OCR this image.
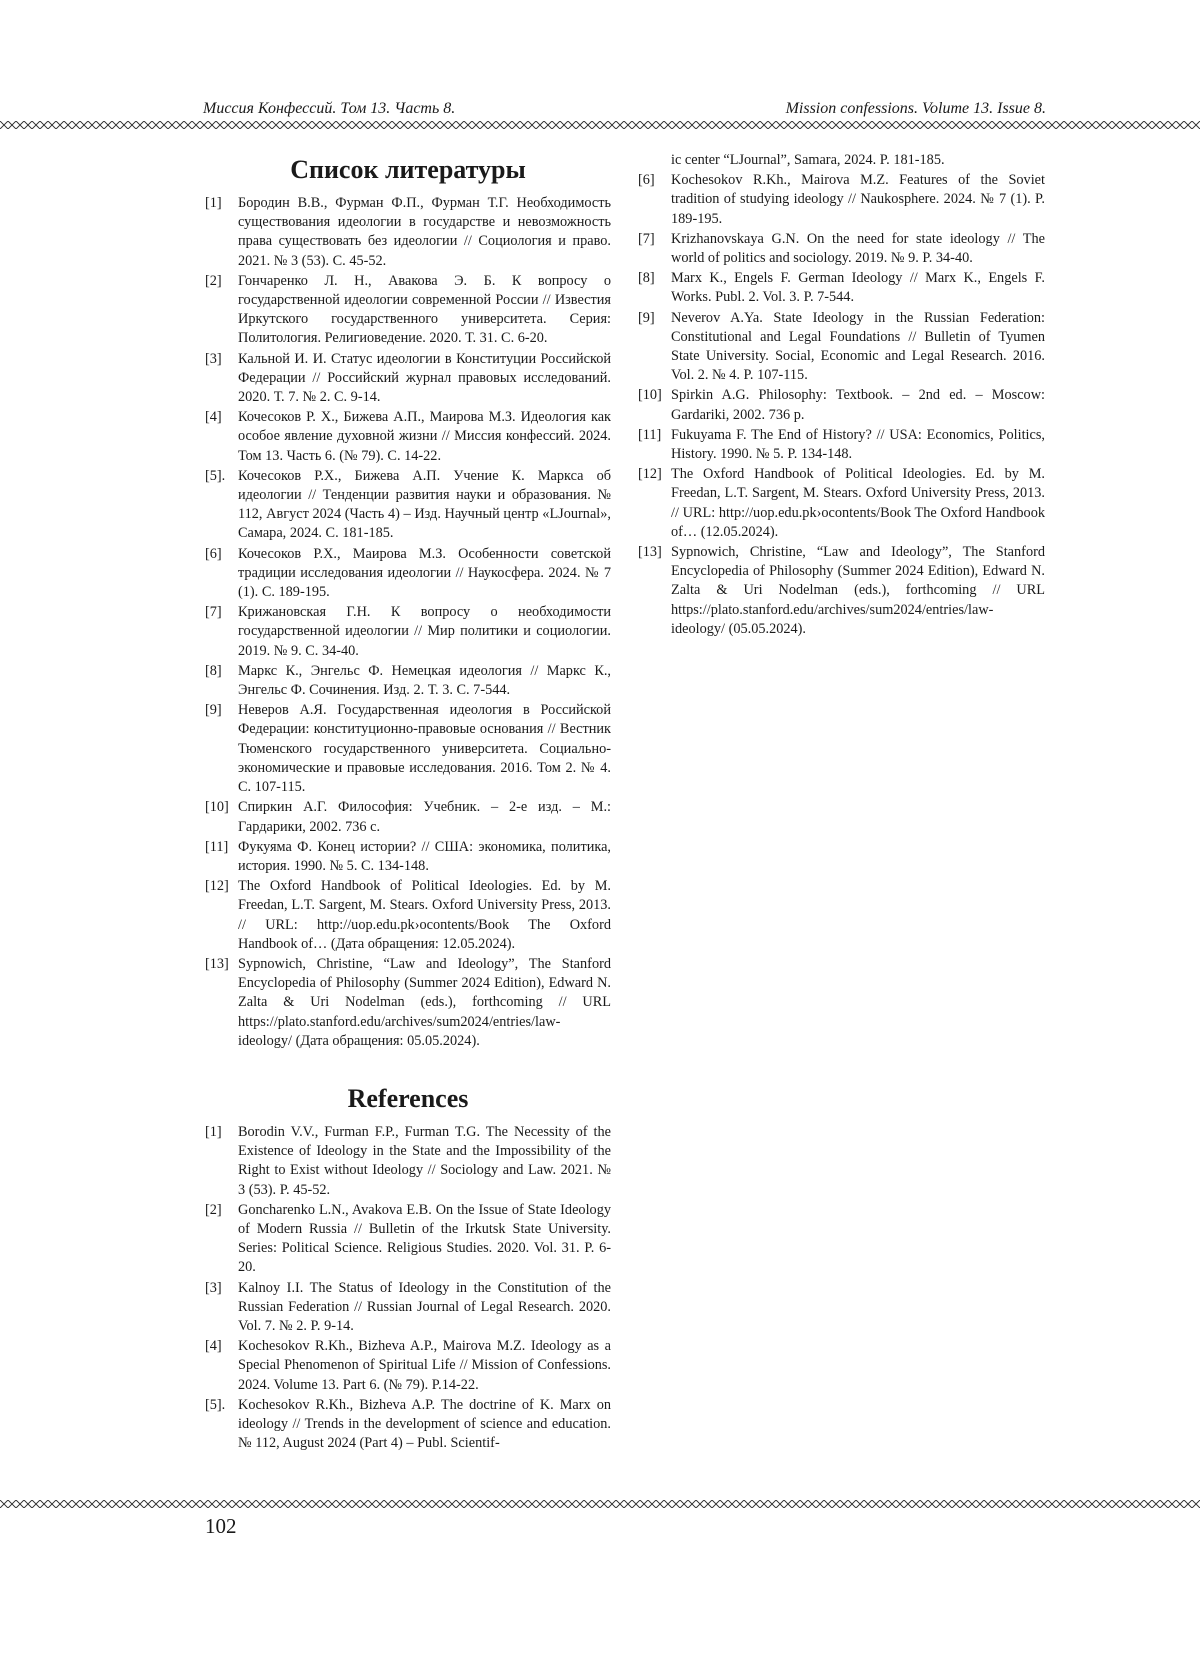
Миссия Конфессий. Том 13. Часть 8.	Mission confessions. Volume 13. Issue 8.
Список литературы
[1] Бородин В.В., Фурман Ф.П., Фурман Т.Г. Необходимость существования идеологии в государстве и невозможность права существовать без идеологии // Социология и право. 2021. № 3 (53). С. 45-52.
[2] Гончаренко Л. Н., Авакова Э. Б. К вопросу о государственной идеологии современной России // Известия Иркутского государственного университета. Серия: Политология. Религиоведение. 2020. Т. 31. С. 6-20.
[3] Кальной И. И. Статус идеологии в Конституции Российской Федерации // Российский журнал правовых исследований. 2020. Т. 7. № 2. С. 9-14.
[4] Кочесоков Р. Х., Бижева А.П., Маирова М.З. Идеология как особое явление духовной жизни // Миссия конфессий. 2024. Том 13. Часть 6. (№ 79). С. 14-22.
[5]. Кочесоков Р.Х., Бижева А.П. Учение К. Маркса об идеологии // Тенденции развития науки и образования. № 112, Август 2024 (Часть 4) – Изд. Научный центр «LJournal», Самара, 2024. С. 181-185.
[6] Кочесоков Р.Х., Маирова М.З. Особенности советской традиции исследования идеологии // Наукосфера. 2024. № 7 (1). С. 189-195.
[7] Крижановская Г.Н. К вопросу о необходимости государственной идеологии // Мир политики и социологии. 2019. № 9. С. 34-40.
[8] Маркс К., Энгельс Ф. Немецкая идеология // Маркс К., Энгельс Ф. Сочинения. Изд. 2. Т. 3. С. 7-544.
[9] Неверов А.Я. Государственная идеология в Российской Федерации: конституционно-правовые основания // Вестник Тюменского государственного университета. Социально-экономические и правовые исследования. 2016. Том 2. № 4. С. 107-115.
[10] Спиркин А.Г. Философия: Учебник. – 2-е изд. – М.: Гардарики, 2002. 736 с.
[11] Фукуяма Ф. Конец истории? // США: экономика, политика, история. 1990. № 5. С. 134-148.
[12] The Oxford Handbook of Political Ideologies. Ed. by M. Freedan, L.T. Sargent, M. Stears. Oxford University Press, 2013. // URL: http://uop.edu.pk›ocontents/Book The Oxford Handbook of… (Дата обращения: 12.05.2024).
[13] Sypnowich, Christine, “Law and Ideology”, The Stanford Encyclopedia of Philosophy (Summer 2024 Edition), Edward N. Zalta & Uri Nodelman (eds.), forthcoming // URL https://plato.stanford.edu/archives/sum2024/entries/law-ideology/ (Дата обращения: 05.05.2024).
References
[1] Borodin V.V., Furman F.P., Furman T.G. The Necessity of the Existence of Ideology in the State and the Impossibility of the Right to Exist without Ideology // Sociology and Law. 2021. № 3 (53). P. 45-52.
[2] Goncharenko L.N., Avakova E.B. On the Issue of State Ideology of Modern Russia // Bulletin of the Irkutsk State University. Series: Political Science. Religious Studies. 2020. Vol. 31. P. 6-20.
[3] Kalnoy I.I. The Status of Ideology in the Constitution of the Russian Federation // Russian Journal of Legal Research. 2020. Vol. 7. № 2. P. 9-14.
[4] Kochesokov R.Kh., Bizheva A.P., Mairova M.Z. Ideology as a Special Phenomenon of Spiritual Life // Mission of Confessions. 2024. Volume 13. Part 6. (№ 79). P.14-22.
[5]. Kochesokov R.Kh., Bizheva A.P. The doctrine of K. Marx on ideology // Trends in the development of science and education. № 112, August 2024 (Part 4) – Publ. Scientif-
ic center “LJournal”, Samara, 2024. P. 181-185.
[6] Kochesokov R.Kh., Mairova M.Z. Features of the Soviet tradition of studying ideology // Naukosphere. 2024. № 7 (1). P. 189-195.
[7] Krizhanovskaya G.N. On the need for state ideology // The world of politics and sociology. 2019. № 9. P. 34-40.
[8] Marx K., Engels F. German Ideology // Marx K., Engels F. Works. Publ. 2. Vol. 3. P. 7-544.
[9] Neverov A.Ya. State Ideology in the Russian Federation: Constitutional and Legal Foundations // Bulletin of Tyumen State University. Social, Economic and Legal Research. 2016. Vol. 2. № 4. P. 107-115.
[10] Spirkin A.G. Philosophy: Textbook. – 2nd ed. – Moscow: Gardariki, 2002. 736 p.
[11] Fukuyama F. The End of History? // USA: Economics, Politics, History. 1990. № 5. P. 134-148.
[12] The Oxford Handbook of Political Ideologies. Ed. by M. Freedan, L.T. Sargent, M. Stears. Oxford University Press, 2013. // URL: http://uop.edu.pk›ocontents/Book The Oxford Handbook of… (12.05.2024).
[13] Sypnowich, Christine, “Law and Ideology”, The Stanford Encyclopedia of Philosophy (Summer 2024 Edition), Edward N. Zalta & Uri Nodelman (eds.), forthcoming // URL https://plato.stanford.edu/archives/sum2024/entries/law-ideology/ (05.05.2024).
102
